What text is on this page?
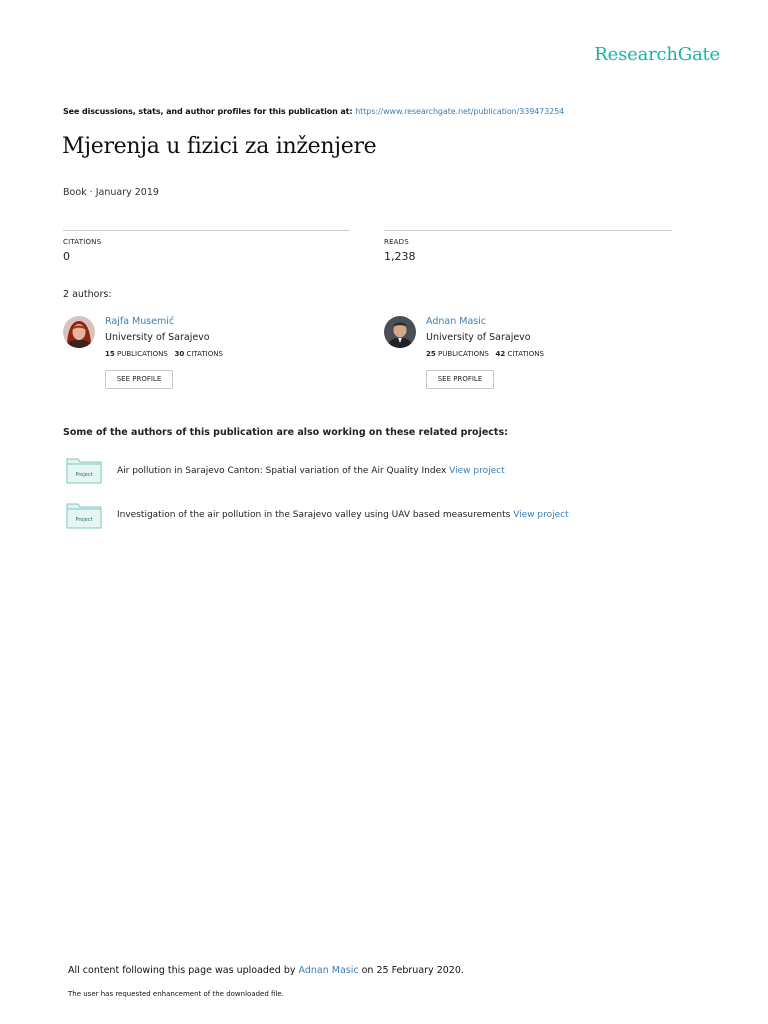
ResearchGate
See discussions, stats, and author profiles for this publication at: https://www.researchgate.net/publication/339473254
Mjerenja u fizici za inženjere
Book · January 2019
CITATIONS
0
READS
1,238
2 authors:
Rajfa Musemić
University of Sarajevo
15 PUBLICATIONS 30 CITATIONS
SEE PROFILE
Adnan Masic
University of Sarajevo
25 PUBLICATIONS 42 CITATIONS
SEE PROFILE
Some of the authors of this publication are also working on these related projects:
Project	Air pollution in Sarajevo Canton: Spatial variation of the Air Quality Index View project
Project	Investigation of the air pollution in the Sarajevo valley using UAV based measurements View project
All content following this page was uploaded by Adnan Masic on 25 February 2020.
The user has requested enhancement of the downloaded file.
